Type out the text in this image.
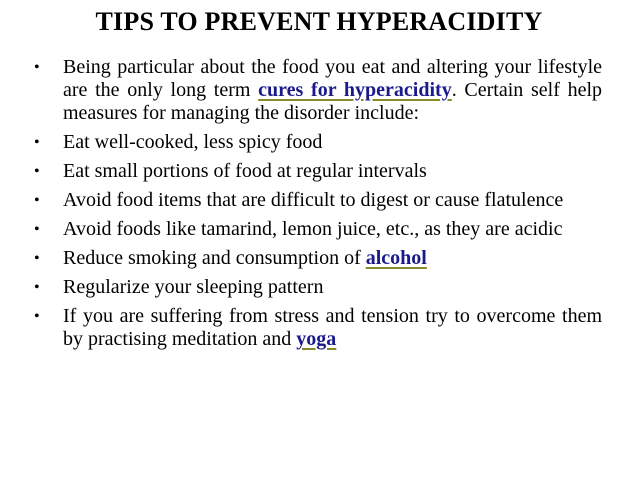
TIPS TO PREVENT HYPERACIDITY
• Being particular about the food you eat and altering your lifestyle are the only long term cures for hyperacidity. Certain self help measures for managing the disorder include:
• Eat well-cooked, less spicy food
• Eat small portions of food at regular intervals
• Avoid food items that are difficult to digest or cause flatulence
• Avoid foods like tamarind, lemon juice, etc., as they are acidic
• Reduce smoking and consumption of alcohol
• Regularize your sleeping pattern
• If you are suffering from stress and tension try to overcome them by practising meditation and yoga
